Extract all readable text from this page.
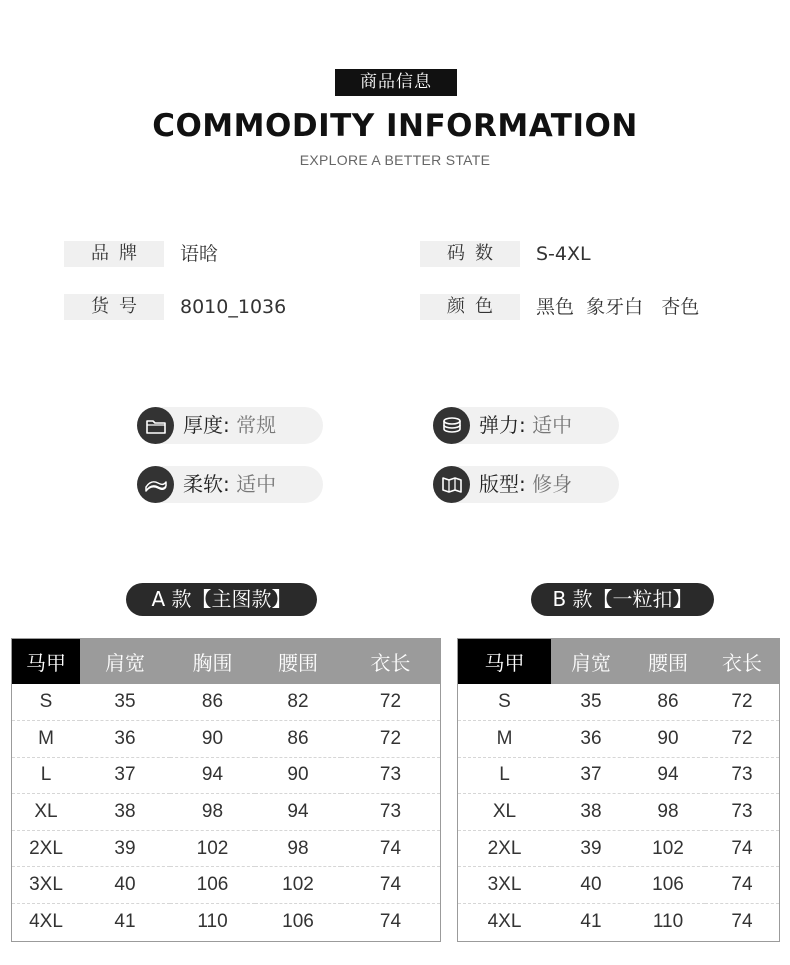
商品信息
COMMODITY INFORMATION
EXPLORE A BETTER STATE
品牌	语晗	码数	S-4XL
货号	8010_1036	颜色	黑色  象牙白   杏色
厚度: 常规	弹力: 适中
柔软: 适中	版型: 修身
A 款【主图款】	B 款【一粒扣】
马甲	肩宽	胸围	腰围	衣长
S	35	86	82	72
M	36	90	86	72
L	37	94	90	73
XL	38	98	94	73
2XL	39	102	98	74
3XL	40	106	102	74
4XL	41	110	106	74
马甲	肩宽	腰围	衣长
S	35	86	72
M	36	90	72
L	37	94	73
XL	38	98	73
2XL	39	102	74
3XL	40	106	74
4XL	41	110	74
